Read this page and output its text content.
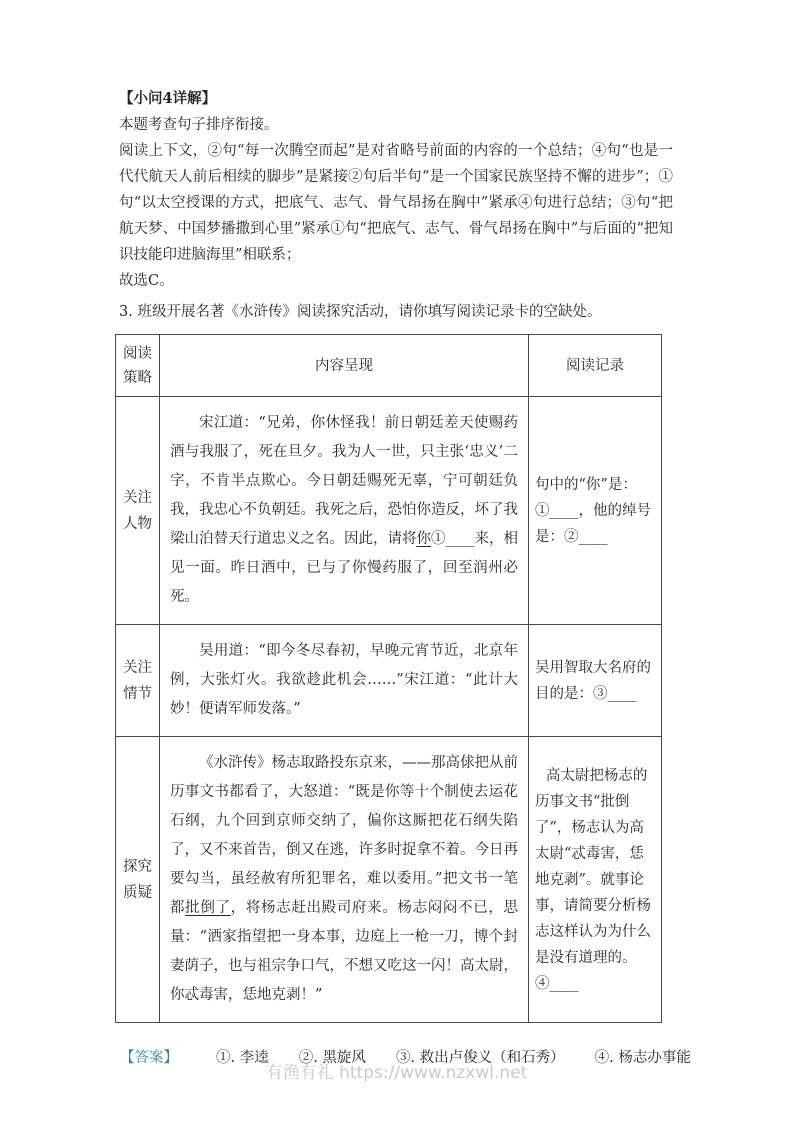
【小问4详解】

本题考查句子排序衔接。

阅读上下文，②句“每一次腾空而起”是对省略号前面的内容的一个总结；④句“也是一代代航天人前后相续的脚步”是紧接②句后半句“是一个国家民族坚持不懈的进步”；①句“以太空授课的方式，把底气、志气、骨气昂扬在胸中”紧承④句进行总结；③句“把航天梦、中国梦播撒到心里”紧承①句“把底气、志气、骨气昂扬在胸中”与后面的“把知识技能印进脑海里”相联系；

故选C。

3. 班级开展名著《水浒传》阅读探究活动，请你填写阅读记录卡的空缺处。

阅读策略	内容呈现	阅读记录
关注人物	宋江道：“兄弟，你休怪我！前日朝廷差天使赐药酒与我服了，死在旦夕。我为人一世，只主张‘忠义’二字，不肯半点欺心。今日朝廷赐死无辜，宁可朝廷负我，我忠心不负朝廷。我死之后，恐怕你造反，坏了我梁山泊替天行道忠义之名。因此，请将你①____来，相见一面。昨日酒中，已与了你慢药服了，回至润州必死。	句中的“你”是：①____，他的绰号是：②____
关注情节	吴用道：“即今冬尽春初，早晚元宵节近，北京年例，大张灯火。我欲趁此机会……”宋江道：“此计大妙！便请军师发落。”	吴用智取大名府的目的是：③____
探究质疑	《水浒传》杨志取路投东京来，——那高俅把从前历事文书都看了，大怒道：“既是你等十个制使去运花石纲，九个回到京师交纳了，偏你这厮把花石纲失陷了，又不来首告，倒又在逃，许多时捉拿不着。今日再要勾当，虽经赦宥所犯罪名，难以委用。”把文书一笔都批倒了，将杨志赶出殿司府来。杨志闷闷不已，思量：“洒家指望把一身本事，边庭上一枪一刀，博个封妻荫子，也与祖宗争口气，不想又吃这一闪！高太尉，你忒毒害，恁地克剥！”	高太尉把杨志的历事文书“批倒了”，杨志认为高太尉“忒毒害，恁地克剥”。就事论事，请简要分析杨志这样认为为什么是没有道理的。④____
【答案】	①. 李逵 ②. 黑旋风 ③. 救出卢俊义（和石秀） ④. 杨志办事能
有渔有礼 https://www.nzxwl.net
